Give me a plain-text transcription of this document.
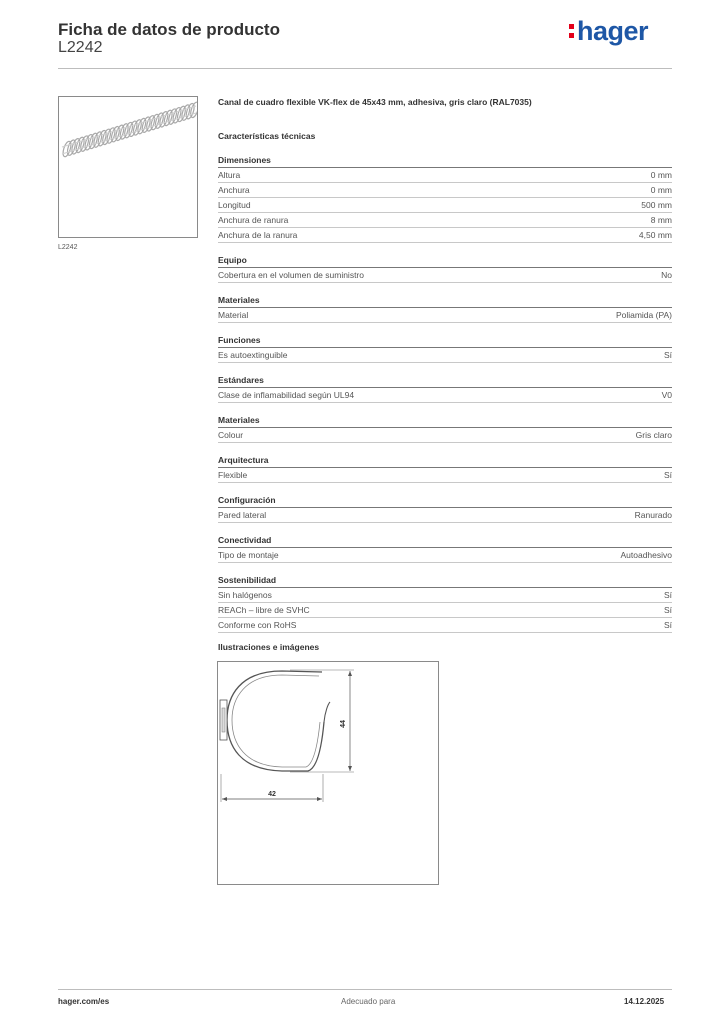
Ficha de datos de producto
L2242
hager
L2242
Canal de cuadro flexible VK-flex de 45x43 mm, adhesiva, gris claro (RAL7035)
Características técnicas
Dimensiones
Altura	0 mm
Anchura	0 mm
Longitud	500 mm
Anchura de ranura	8 mm
Anchura de la ranura	4,50 mm
Equipo
Cobertura en el volumen de suministro	No
Materiales
Material	Poliamida (PA)
Funciones
Es autoextinguible	Sí
Estándares
Clase de inflamabilidad según UL94	V0
Materiales
Colour	Gris claro
Arquitectura
Flexible	Sí
Configuración
Pared lateral	Ranurado
Conectividad
Tipo de montaje	Autoadhesivo
Sostenibilidad
Sin halógenos	Sí
REACh – libre de SVHC	Sí
Conforme con RoHS	Sí
Ilustraciones e imágenes
44
42
hager.com/es	Adecuado para	14.12.2025
